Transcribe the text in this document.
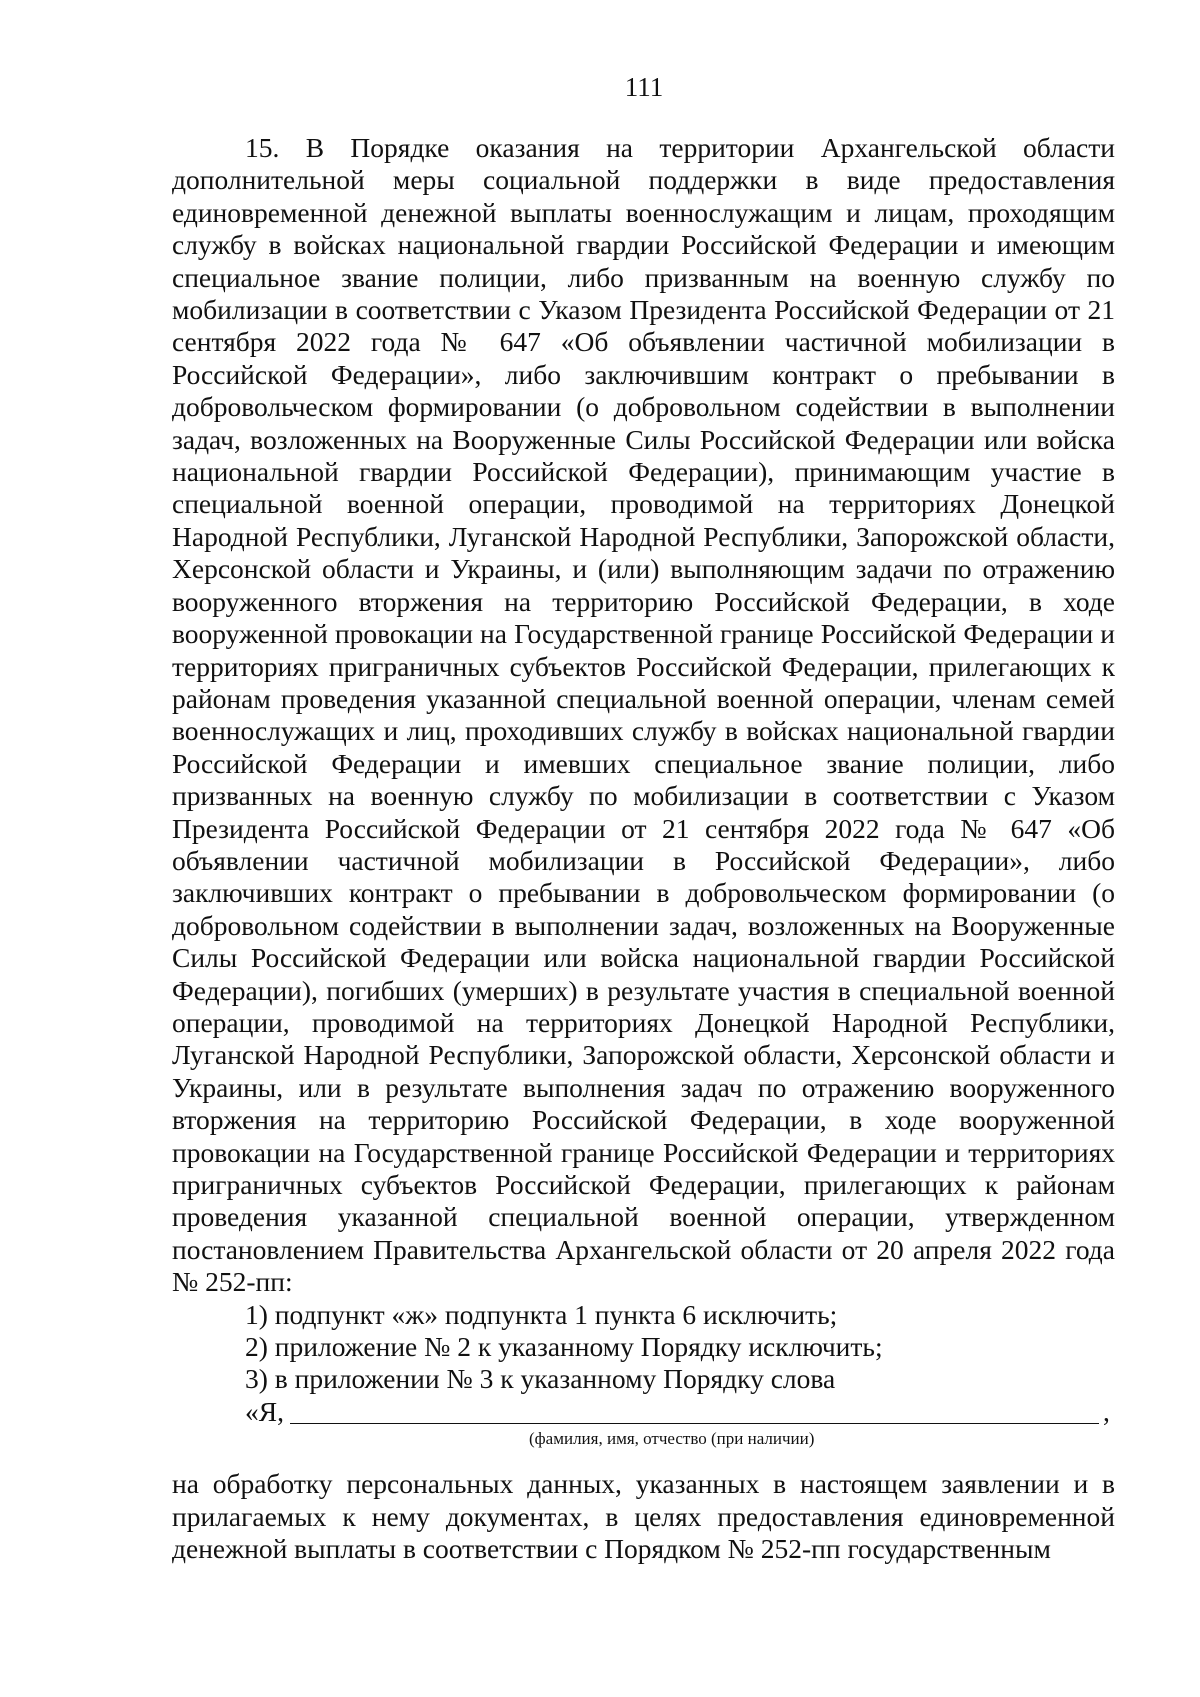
111

15. В Порядке оказания на территории Архангельской области дополнительной меры социальной поддержки в виде предоставления единовременной денежной выплаты военнослужащим и лицам, проходящим службу в войсках национальной гвардии Российской Федерации и имеющим специальное звание полиции, либо призванным на военную службу по мобилизации в соответствии с Указом Президента Российской Федерации от 21 сентября 2022 года № 647 «Об объявлении частичной мобилизации в Российской Федерации», либо заключившим контракт о пребывании в добровольческом формировании (о добровольном содействии в выполнении задач, возложенных на Вооруженные Силы Российской Федерации или войска национальной гвардии Российской Федерации), принимающим участие в специальной военной операции, проводимой на территориях Донецкой Народной Республики, Луганской Народной Республики, Запорожской области, Херсонской области и Украины, и (или) выполняющим задачи по отражению вооруженного вторжения на территорию Российской Федерации, в ходе вооруженной провокации на Государственной границе Российской Федерации и территориях приграничных субъектов Российской Федерации, прилегающих к районам проведения указанной специальной военной операции, членам семей военнослужащих и лиц, проходивших службу в войсках национальной гвардии Российской Федерации и имевших специальное звание полиции, либо призванных на военную службу по мобилизации в соответствии с Указом Президента Российской Федерации от 21 сентября 2022 года № 647 «Об объявлении частичной мобилизации в Российской Федерации», либо заключивших контракт о пребывании в добровольческом формировании (о добровольном содействии в выполнении задач, возложенных на Вооруженные Силы Российской Федерации или войска национальной гвардии Российской Федерации), погибших (умерших) в результате участия в специальной военной операции, проводимой на территориях Донецкой Народной Республики, Луганской Народной Республики, Запорожской области, Херсонской области и Украины, или в результате выполнения задач по отражению вооруженного вторжения на территорию Российской Федерации, в ходе вооруженной провокации на Государственной границе Российской Федерации и территориях приграничных субъектов Российской Федерации, прилегающих к районам проведения указанной специальной военной операции, утвержденном постановлением Правительства Архангельской области от 20 апреля 2022 года № 252-пп:

1) подпункт «ж» подпункта 1 пункта 6 исключить;

2) приложение № 2 к указанному Порядку исключить;

3) в приложении № 3 к указанному Порядку слова

«Я,	,

(фамилия, имя, отчество (при наличии)

на обработку персональных данных, указанных в настоящем заявлении и в прилагаемых к нему документах, в целях предоставления единовременной денежной выплаты в соответствии с Порядком № 252-пп государственным
